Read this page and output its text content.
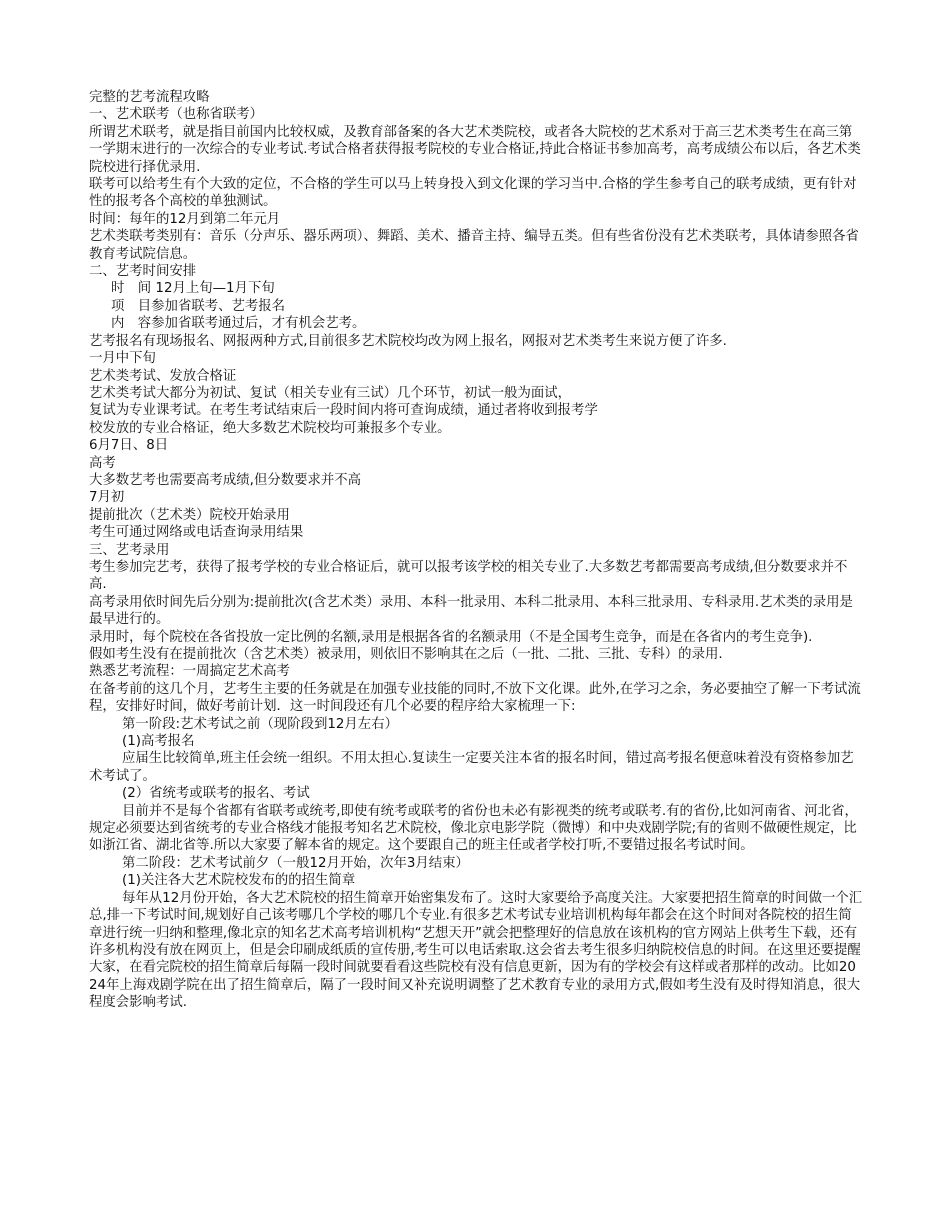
完整的艺考流程攻略

一、艺术联考（也称省联考）

所谓艺术联考，就是指目前国内比较权威，及教育部备案的各大艺术类院校，或者各大院校的艺术系对于高三艺术类考生在高三第一学期末进行的一次综合的专业考试.考试合格者获得报考院校的专业合格证,持此合格证书参加高考，高考成绩公布以后，各艺术类院校进行择优录用.

联考可以给考生有个大致的定位，不合格的学生可以马上转身投入到文化课的学习当中.合格的学生参考自己的联考成绩，更有针对性的报考各个高校的单独测试。

时间：每年的12月到第二年元月

艺术类联考类别有：音乐（分声乐、器乐两项）、舞蹈、美术、播音主持、编导五类。但有些省份没有艺术类联考，具体请参照各省教育考试院信息。

二、艺考时间安排

时　间 12月上旬—1月下旬

项　目参加省联考、艺考报名

内　容参加省联考通过后，才有机会艺考。

艺考报名有现场报名、网报两种方式,目前很多艺术院校均改为网上报名，网报对艺术类考生来说方便了许多.

一月中下旬

艺术类考试、发放合格证

艺术类考试大都分为初试、复试（相关专业有三试）几个环节，初试一般为面试，

复试为专业课考试。在考生考试结束后一段时间内将可查询成绩，通过者将收到报考学

校发放的专业合格证，绝大多数艺术院校均可兼报多个专业。

6月7日、8日

高考

大多数艺考也需要高考成绩,但分数要求并不高

7月初

提前批次（艺术类）院校开始录用

考生可通过网络或电话查询录用结果

三、艺考录用

考生参加完艺考，获得了报考学校的专业合格证后，就可以报考该学校的相关专业了.大多数艺考都需要高考成绩,但分数要求并不高.

高考录用依时间先后分别为:提前批次(含艺术类）录用、本科一批录用、本科二批录用、本科三批录用、专科录用.艺术类的录用是最早进行的。

录用时，每个院校在各省投放一定比例的名额,录用是根据各省的名额录用（不是全国考生竞争，而是在各省内的考生竞争).

假如考生没有在提前批次（含艺术类）被录用，则依旧不影响其在之后（一批、二批、三批、专科）的录用.

熟悉艺考流程：一周搞定艺术高考

在备考前的这几个月，艺考生主要的任务就是在加强专业技能的同时,不放下文化课。此外,在学习之余，务必要抽空了解一下考试流程，安排好时间，做好考前计划．这一时间段还有几个必要的程序给大家梳理一下:

第一阶段:艺术考试之前（现阶段到12月左右）

(1)高考报名

应届生比较简单,班主任会统一组织。不用太担心.复读生一定要关注本省的报名时间，错过高考报名便意味着没有资格参加艺术考试了。

(2）省统考或联考的报名、考试

目前并不是每个省都有省联考或统考,即使有统考或联考的省份也未必有影视类的统考或联考.有的省份,比如河南省、河北省，规定必须要达到省统考的专业合格线才能报考知名艺术院校，像北京电影学院（微博）和中央戏剧学院;有的省则不做硬性规定，比如浙江省、湖北省等.所以大家要了解本省的规定。这个要跟自己的班主任或者学校打听,不要错过报名考试时间。

第二阶段：艺术考试前夕（一般12月开始，次年3月结束）

(1)关注各大艺术院校发布的的招生简章

每年从12月份开始，各大艺术院校的招生简章开始密集发布了。这时大家要给予高度关注。大家要把招生简章的时间做一个汇总,排一下考试时间,规划好自己该考哪几个学校的哪几个专业.有很多艺术考试专业培训机构每年都会在这个时间对各院校的招生简章进行统一归纳和整理,像北京的知名艺术高考培训机构“艺想天开”就会把整理好的信息放在该机构的官方网站上供考生下载，还有许多机构没有放在网页上，但是会印刷成纸质的宣传册,考生可以电话索取.这会省去考生很多归纳院校信息的时间。在这里还要提醒大家，在看完院校的招生简章后每隔一段时间就要看看这些院校有没有信息更新，因为有的学校会有这样或者那样的改动。比如2024年上海戏剧学院在出了招生简章后，隔了一段时间又补充说明调整了艺术教育专业的录用方式,假如考生没有及时得知消息，很大程度会影响考试.
